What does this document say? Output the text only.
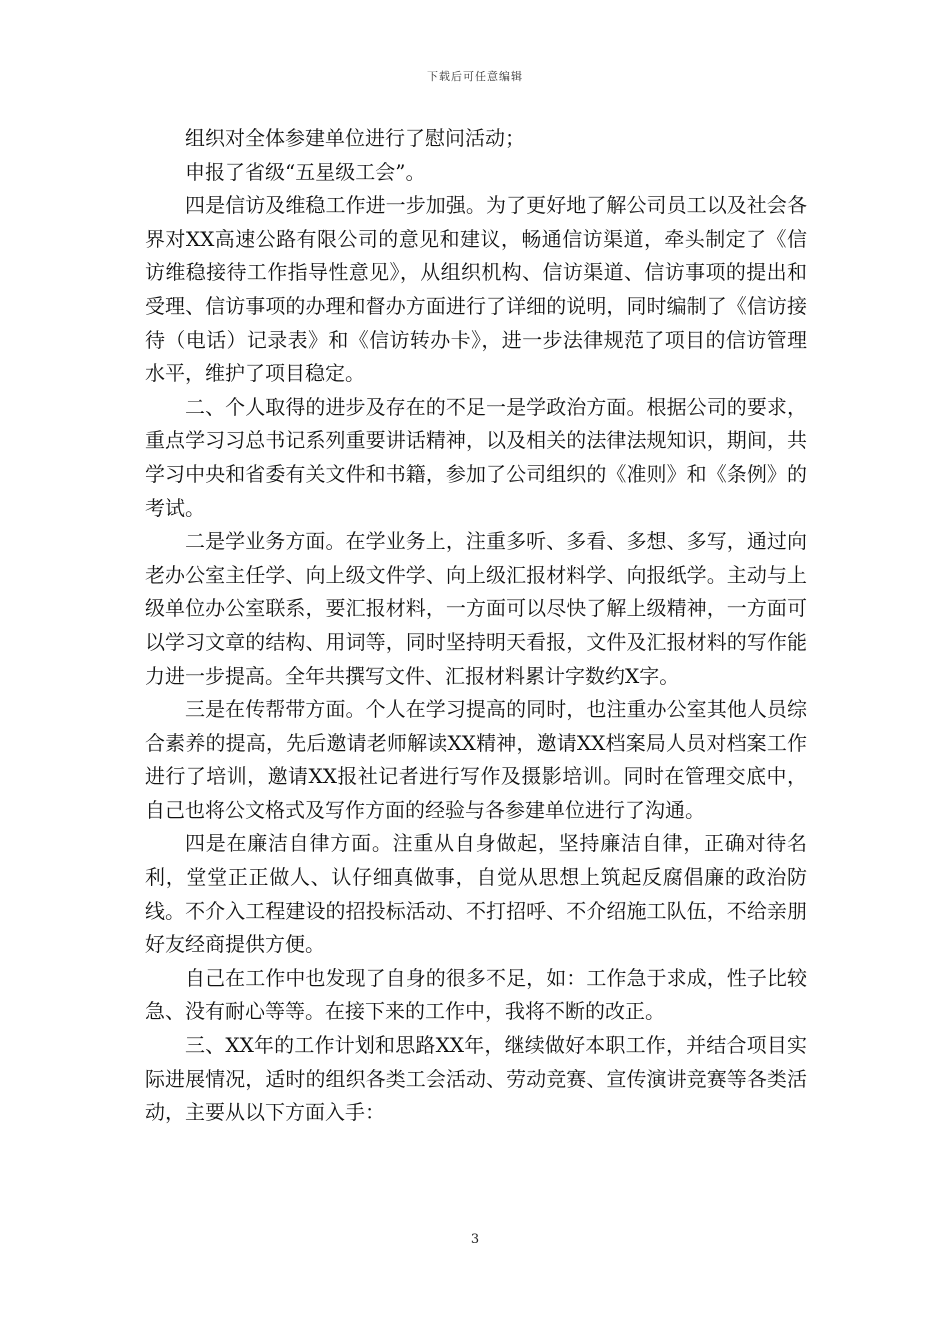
下载后可任意编辑

组织对全体参建单位进行了慰问活动；

申报了省级“五星级工会”。

四是信访及维稳工作进一步加强。为了更好地了解公司员工以及社会各界对XX高速公路有限公司的意见和建议，畅通信访渠道，牵头制定了《信访维稳接待工作指导性意见》，从组织机构、信访渠道、信访事项的提出和受理、信访事项的办理和督办方面进行了详细的说明，同时编制了《信访接待（电话）记录表》和《信访转办卡》，进一步法律规范了项目的信访管理水平，维护了项目稳定。

二、个人取得的进步及存在的不足一是学政治方面。根据公司的要求，重点学习习总书记系列重要讲话精神，以及相关的法律法规知识，期间，共学习中央和省委有关文件和书籍，参加了公司组织的《准则》和《条例》的考试。

二是学业务方面。在学业务上，注重多听、多看、多想、多写，通过向老办公室主任学、向上级文件学、向上级汇报材料学、向报纸学。主动与上级单位办公室联系，要汇报材料，一方面可以尽快了解上级精神，一方面可以学习文章的结构、用词等，同时坚持明天看报，文件及汇报材料的写作能力进一步提高。全年共撰写文件、汇报材料累计字数约X字。

三是在传帮带方面。个人在学习提高的同时，也注重办公室其他人员综合素养的提高，先后邀请老师解读XX精神，邀请XX档案局人员对档案工作进行了培训，邀请XX报社记者进行写作及摄影培训。同时在管理交底中，自己也将公文格式及写作方面的经验与各参建单位进行了沟通。

四是在廉洁自律方面。注重从自身做起，坚持廉洁自律，正确对待名利，堂堂正正做人、认仔细真做事，自觉从思想上筑起反腐倡廉的政治防线。不介入工程建设的招投标活动、不打招呼、不介绍施工队伍，不给亲朋好友经商提供方便。

自己在工作中也发现了自身的很多不足，如：工作急于求成，性子比较急、没有耐心等等。在接下来的工作中，我将不断的改正。

三、XX年的工作计划和思路XX年，继续做好本职工作，并结合项目实际进展情况，适时的组织各类工会活动、劳动竞赛、宣传演讲竞赛等各类活动，主要从以下方面入手：

3
